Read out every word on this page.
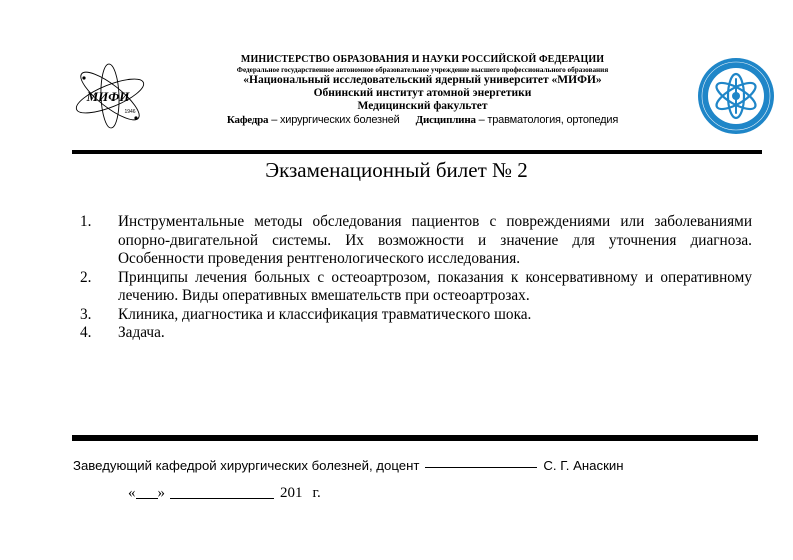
МИФИ
1946
МИНИСТЕРСТВО ОБРАЗОВАНИЯ И НАУКИ РОССИЙСКОЙ ФЕДЕРАЦИИ
Федеральное государственное автономное образовательное учреждение высшего профессионального образования
«Национальный исследовательский ядерный университет «МИФИ»
Обнинский институт атомной энергетики
Медицинский факультет
Кафедра – хирургических болезней Дисциплина – травматология, ортопедия
Экзаменационный билет № 2
1. Инструментальные методы обследования пациентов с повреждениями или заболеваниями опорно-двигательной системы. Их возможности и значение для уточнения диагноза. Особенности проведения рентгенологического исследования.
2. Принципы лечения больных с остеоартрозом, показания к консервативному и оперативному лечению. Виды оперативных вмешательств при остеоартрозах.
3. Клиника, диагностика и классификация травматического шока.
4. Задача.
Заведующий кафедрой хирургических болезней, доцент	С. Г. Анаскин
« »	201 г.
